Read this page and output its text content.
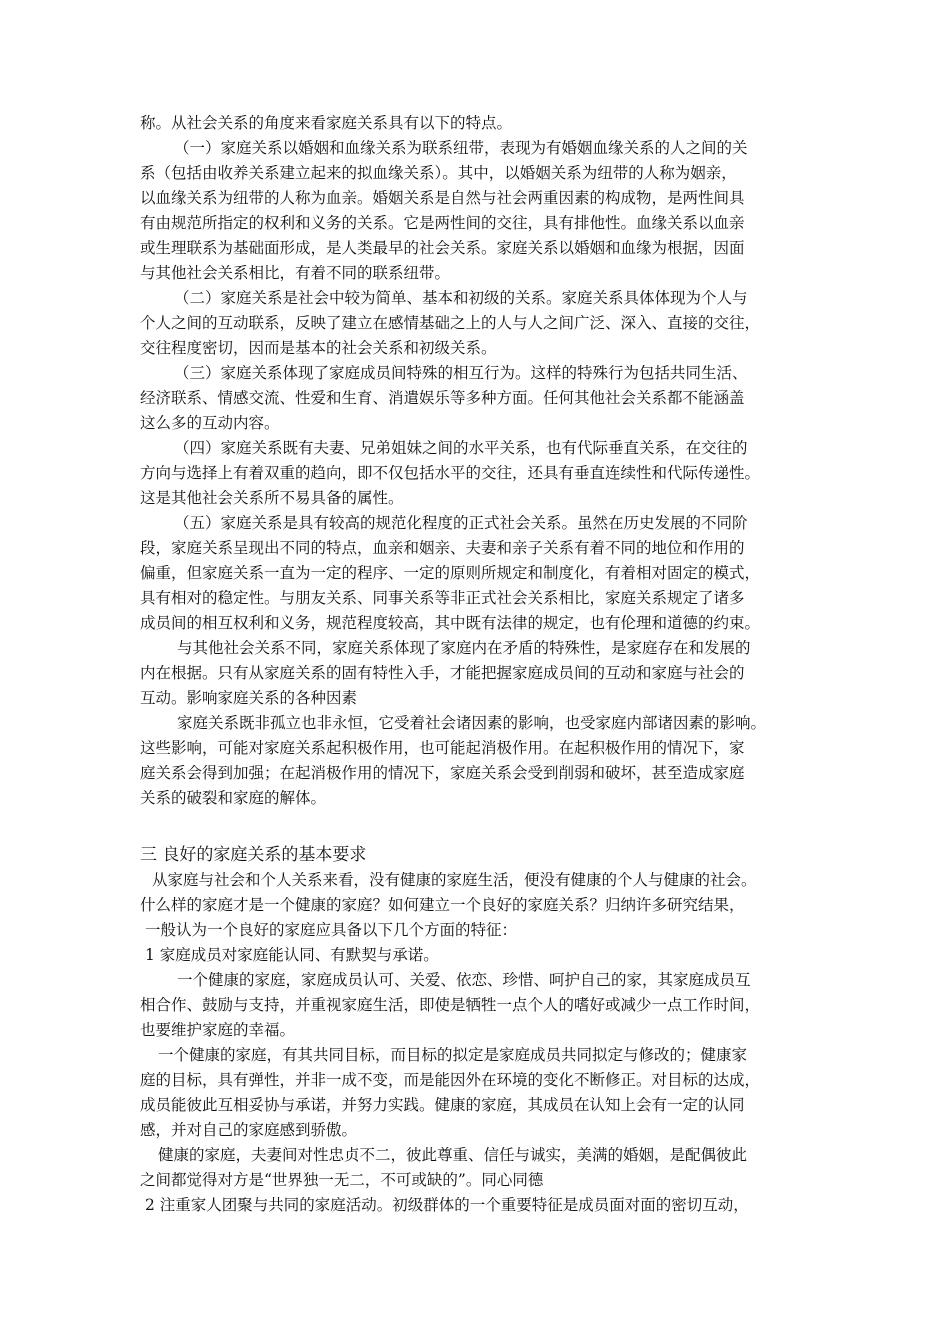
称。从社会关系的角度来看家庭关系具有以下的特点。
（一）家庭关系以婚姻和血缘关系为联系纽带，表现为有婚姻血缘关系的人之间的关
系（包括由收养关系建立起来的拟血缘关系）。其中，以婚姻关系为纽带的人称为姻亲，
以血缘关系为纽带的人称为血亲。婚姻关系是自然与社会两重因素的构成物，是两性间具
有由规范所指定的权利和义务的关系。它是两性间的交往，具有排他性。血缘关系以血亲
或生理联系为基础面形成，是人类最早的社会关系。家庭关系以婚姻和血缘为根据，因面
与其他社会关系相比，有着不同的联系纽带。
（二）家庭关系是社会中较为简单、基本和初级的关系。家庭关系具体体现为个人与
个人之间的互动联系，反映了建立在感情基础之上的人与人之间广泛、深入、直接的交往，
交往程度密切，因而是基本的社会关系和初级关系。
（三）家庭关系体现了家庭成员间特殊的相互行为。这样的特殊行为包括共同生活、
经济联系、情感交流、性爱和生育、消遣娱乐等多种方面。任何其他社会关系都不能涵盖
这么多的互动内容。
（四）家庭关系既有夫妻、兄弟姐妹之间的水平关系，也有代际垂直关系，在交往的
方向与选择上有着双重的趋向，即不仅包括水平的交往，还具有垂直连续性和代际传递性。
这是其他社会关系所不易具备的属性。
（五）家庭关系是具有较高的规范化程度的正式社会关系。虽然在历史发展的不同阶
段，家庭关系呈现出不同的特点，血亲和姻亲、夫妻和亲子关系有着不同的地位和作用的
偏重，但家庭关系一直为一定的程序、一定的原则所规定和制度化，有着相对固定的模式，
具有相对的稳定性。与朋友关系、同事关系等非正式社会关系相比，家庭关系规定了诸多
成员间的相互权利和义务，规范程度较高，其中既有法律的规定，也有伦理和道德的约束。
与其他社会关系不同，家庭关系体现了家庭内在矛盾的特殊性，是家庭存在和发展的
内在根据。只有从家庭关系的固有特性入手，才能把握家庭成员间的互动和家庭与社会的
互动。影响家庭关系的各种因素
家庭关系既非孤立也非永恒，它受着社会诸因素的影响，也受家庭内部诸因素的影响。
这些影响，可能对家庭关系起积极作用，也可能起消极作用。在起积极作用的情况下，家
庭关系会得到加强；在起消极作用的情况下，家庭关系会受到削弱和破坏，甚至造成家庭
关系的破裂和家庭的解体。
三 良好的家庭关系的基本要求
从家庭与社会和个人关系来看，没有健康的家庭生活，便没有健康的个人与健康的社会。
什么样的家庭才是一个健康的家庭？如何建立一个良好的家庭关系？归纳许多研究结果，
一般认为一个良好的家庭应具备以下几个方面的特征：
1 家庭成员对家庭能认同、有默契与承诺。
一个健康的家庭，家庭成员认可、关爱、依恋、珍惜、呵护自己的家，其家庭成员互
相合作、鼓励与支持，并重视家庭生活，即使是牺牲一点个人的嗜好或减少一点工作时间，
也要维护家庭的幸福。
一个健康的家庭，有其共同目标，而目标的拟定是家庭成员共同拟定与修改的；健康家
庭的目标，具有弹性，并非一成不变，而是能因外在环境的变化不断修正。对目标的达成，
成员能彼此互相妥协与承诺，并努力实践。健康的家庭，其成员在认知上会有一定的认同
感，并对自己的家庭感到骄傲。
健康的家庭，夫妻间对性忠贞不二，彼此尊重、信任与诚实，美满的婚姻，是配偶彼此
之间都觉得对方是“世界独一无二，不可或缺的”。同心同德
2 注重家人团聚与共同的家庭活动。初级群体的一个重要特征是成员面对面的密切互动，
